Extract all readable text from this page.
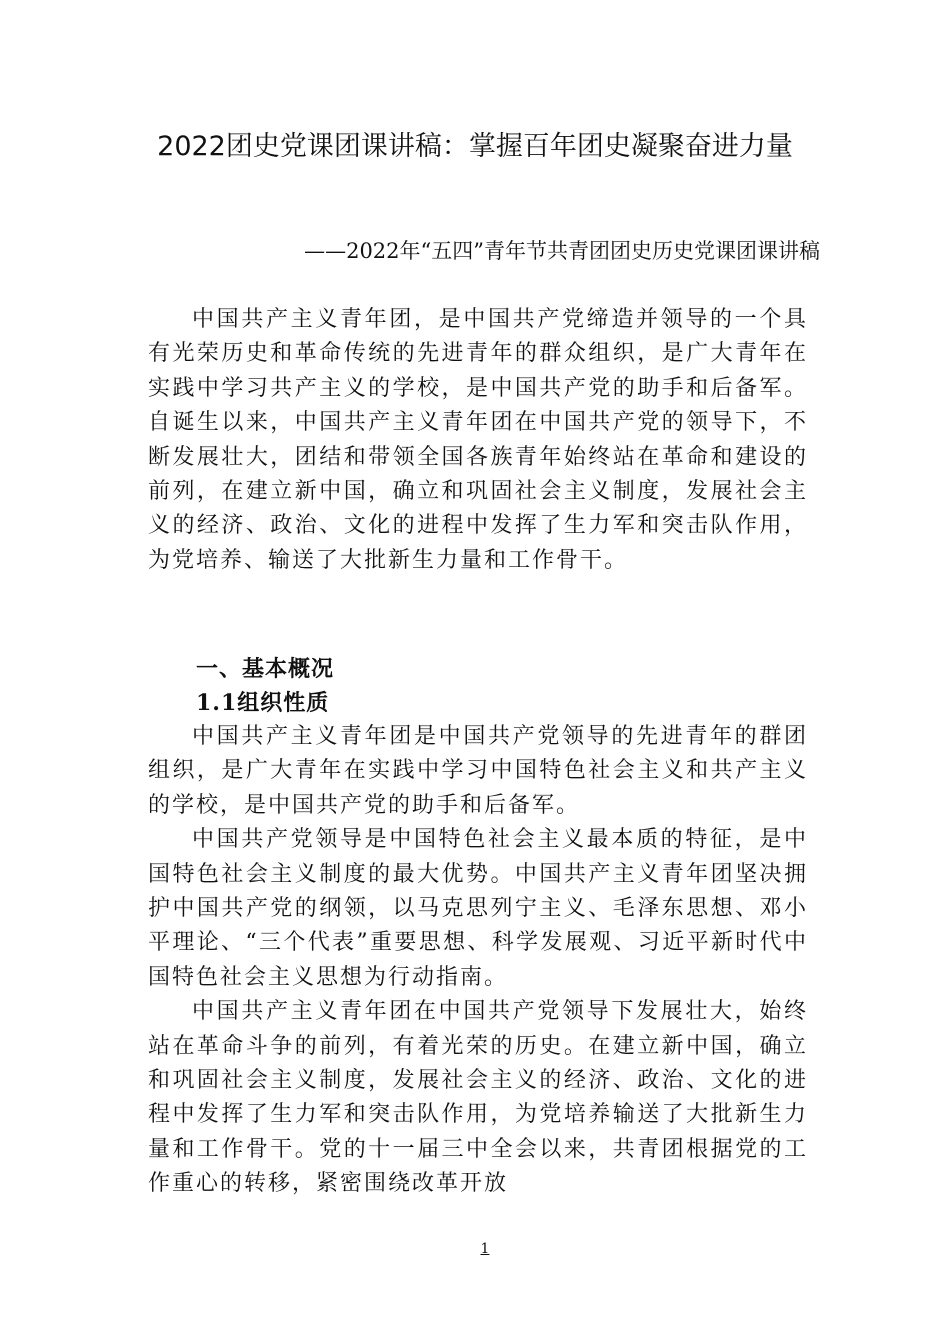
2022团史党课团课讲稿：掌握百年团史凝聚奋进力量

——2022年“五四”青年节共青团团史历史党课团课讲稿

中国共产主义青年团，是中国共产党缔造并领导的一个具有光荣历史和革命传统的先进青年的群众组织，是广大青年在实践中学习共产主义的学校，是中国共产党的助手和后备军。自诞生以来，中国共产主义青年团在中国共产党的领导下，不断发展壮大，团结和带领全国各族青年始终站在革命和建设的前列，在建立新中国，确立和巩固社会主义制度，发展社会主义的经济、政治、文化的进程中发挥了生力军和突击队作用，为党培养、输送了大批新生力量和工作骨干。

一、基本概况
1.1组织性质

中国共产主义青年团是中国共产党领导的先进青年的群团组织，是广大青年在实践中学习中国特色社会主义和共产主义的学校，是中国共产党的助手和后备军。

中国共产党领导是中国特色社会主义最本质的特征，是中国特色社会主义制度的最大优势。中国共产主义青年团坚决拥护中国共产党的纲领，以马克思列宁主义、毛泽东思想、邓小平理论、“三个代表”重要思想、科学发展观、习近平新时代中国特色社会主义思想为行动指南。

中国共产主义青年团在中国共产党领导下发展壮大，始终站在革命斗争的前列，有着光荣的历史。在建立新中国，确立和巩固社会主义制度，发展社会主义的经济、政治、文化的进程中发挥了生力军和突击队作用，为党培养输送了大批新生力量和工作骨干。党的十一届三中全会以来，共青团根据党的工作重心的转移，紧密围绕改革开放

1
